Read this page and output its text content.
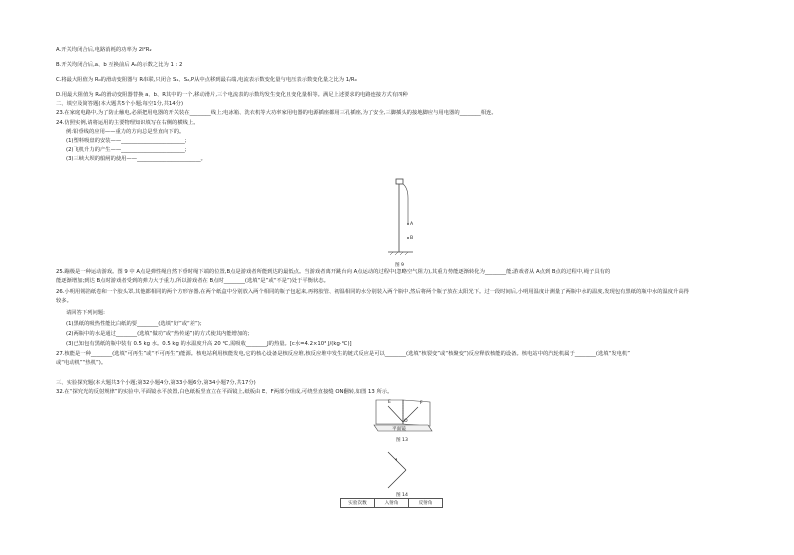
A.开关均闭合后,电路消耗的功率为 2I²R₂
B.开关均闭合后,a、b 互换前后 A₁的示数之比为 1 : 2
C.将最大阻值为 R₀的滑动变阻器与 R串联,只闭合 S₁、S₂,P从中点移到最右端,电流表示数变化量与电压表示数变化量之比为 1/R₀
D.用最大阻值为 R₀的滑动变阻器替换 a、b、R其中的一个,移动滑片,三个电流表的示数均发生变化且变化量相等。满足上述要求的电路连接方式有四种
二、填空及简答题(本大题共5个小题;每空1分,共14分)
23.在家庭电路中,为了防止触电,必须把用电器的开关装在________线上;电冰箱、洗衣机等大功率家用电器的电源插座都用三孔插座,为了安全,三脚插头的接地脚应与用电器的________相连。
24.仿照实例,请将运用的主要物理知识填写在右侧的横线上。
例:铅垂线的应用——重力的方向总是竖直向下的。
(1)塑料吸盘的安装——________________________;
(2)飞机升力的产生——________________________;
(3)三峡大坝的船闸的使用——________________________。
A
B
图 9
25.蹦极是一种运动游戏。图 9 中 A点是弹性绳自然下垂时绳下端的位置,B点是游戏者所能到达的最低点。当游戏者离开跳台向 A点运动的过程中(忽略空气阻力),其重力势能逐渐转化为________能;游戏者从 A点到 B点的过程中,绳子具有的
能逐渐增加;到达 B点时游戏者受到的弹力大于重力,所以游戏者在 B点时________(选填“是”或“不是”)处于平衡状态。
26.小明用锡箔纸卷和一个胶头罩,其他都相同的两个方形容器,在两个纸盒中分别放入两个相同的瓶子包起来,再将胶管、初温相同的水分别装入两个瓶中,然后将两个瓶子放在太阳光下。过一段时间后,小明用温度计测量了两瓶中水的温度,发现包有黑纸的瓶中水的温度升高得
较多。
请回答下列问题:
(1)黑纸的吸热性能比白纸的要________(选填“好”或“差”);
(2)两瓶中的水是通过________(选填“做功”或“热传递”)的方式使其内能增加的;
(3)已知包有黑纸的瓶中装有 0.5 kg 水。0.5 kg 的水温度升高 20 ℃,需吸收________J的热量。[c水=4.2×10³ J/(kg·℃)]
27.核能是一种________(选填“可再生”或“不可再生”)能源。核电站利用核能发电,它的核心设备是核反应堆,核反应堆中发生的链式反应是可以________(选填“核裂变”或“核聚变”)反应释放核能的设备。核电站中的汽轮机属于________(选填“发电机”
或“电动机”“热机”)。
三、实验探究题(本大题共3个小题;第32小题4分,第33小题6分,第34小题7分,共17分)
32.在“探究光的反射规律”的实验中,平面镜水平放置,白色纸板竖直立在平面镜上,纸板由 E、F两部分组成,可绕竖直接缝 ON翻转,如图 13 所示。
E	F
O
平面镜
图 13
图 14
实验次数	入射角	反射角
